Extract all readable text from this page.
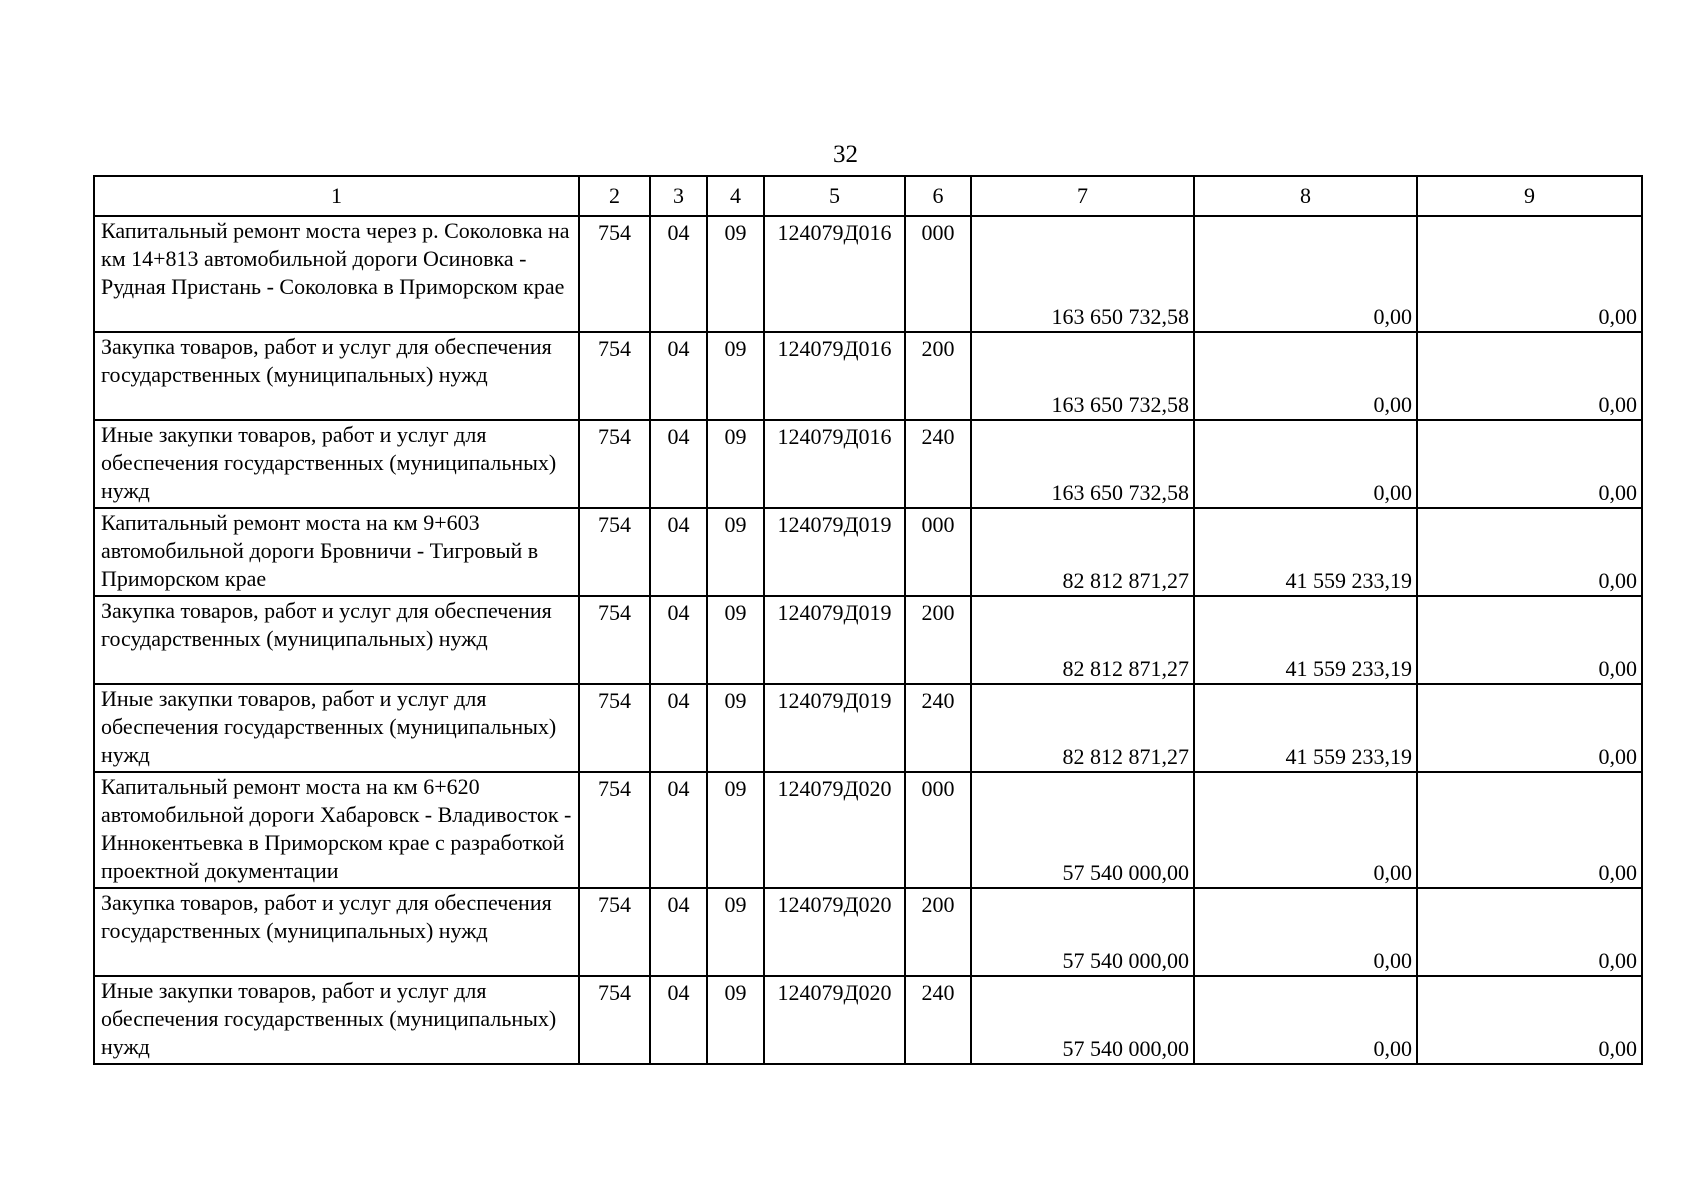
32
1	2	3	4	5	6	7	8	9
Капитальный ремонт моста через р. Соколовка на км 14+813 автомобильной дороги Осиновка - Рудная Пристань - Соколовка в Приморском крае	754	04	09	124079Д016	000	163 650 732,58	0,00	0,00
Закупка товаров, работ и услуг для обеспечения государственных (муниципальных) нужд	754	04	09	124079Д016	200	163 650 732,58	0,00	0,00
Иные закупки товаров, работ и услуг для обеспечения государственных (муниципальных) нужд	754	04	09	124079Д016	240	163 650 732,58	0,00	0,00
Капитальный ремонт моста на км 9+603 автомобильной дороги Бровничи - Тигровый в Приморском крае	754	04	09	124079Д019	000	82 812 871,27	41 559 233,19	0,00
Закупка товаров, работ и услуг для обеспечения государственных (муниципальных) нужд	754	04	09	124079Д019	200	82 812 871,27	41 559 233,19	0,00
Иные закупки товаров, работ и услуг для обеспечения государственных (муниципальных) нужд	754	04	09	124079Д019	240	82 812 871,27	41 559 233,19	0,00
Капитальный ремонт моста на км 6+620 автомобильной дороги Хабаровск - Владивосток - Иннокентьевка в Приморском крае с разработкой проектной документации	754	04	09	124079Д020	000	57 540 000,00	0,00	0,00
Закупка товаров, работ и услуг для обеспечения государственных (муниципальных) нужд	754	04	09	124079Д020	200	57 540 000,00	0,00	0,00
Иные закупки товаров, работ и услуг для обеспечения государственных (муниципальных) нужд	754	04	09	124079Д020	240	57 540 000,00	0,00	0,00
